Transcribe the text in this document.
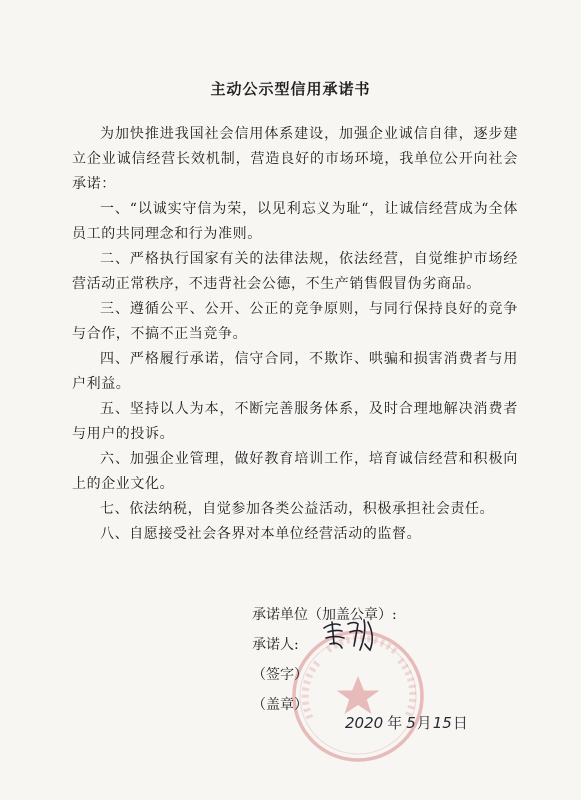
主动公示型信用承诺书

为加快推进我国社会信用体系建设，加强企业诚信自律，逐步建立企业诚信经营长效机制，营造良好的市场环境，我单位公开向社会承诺：

一、“以诚实守信为荣，以见利忘义为耻“，让诚信经营成为全体员工的共同理念和行为准则。

二、严格执行国家有关的法律法规，依法经营，自觉维护市场经营活动正常秩序，不违背社会公德，不生产销售假冒伪劣商品。

三、遵循公平、公开、公正的竞争原则，与同行保持良好的竞争与合作，不搞不正当竞争。

四、严格履行承诺，信守合同，不欺诈、哄骗和损害消费者与用户利益。

五、坚持以人为本，不断完善服务体系，及时合理地解决消费者与用户的投诉。

六、加强企业管理，做好教育培训工作，培育诚信经营和积极向上的企业文化。

七、依法纳税，自觉参加各类公益活动，积极承担社会责任。

八、自愿接受社会各界对本单位经营活动的监督。

承诺单位（加盖公章）:
承诺人:
（签字）
（盖章）
2020 年 5月15日
